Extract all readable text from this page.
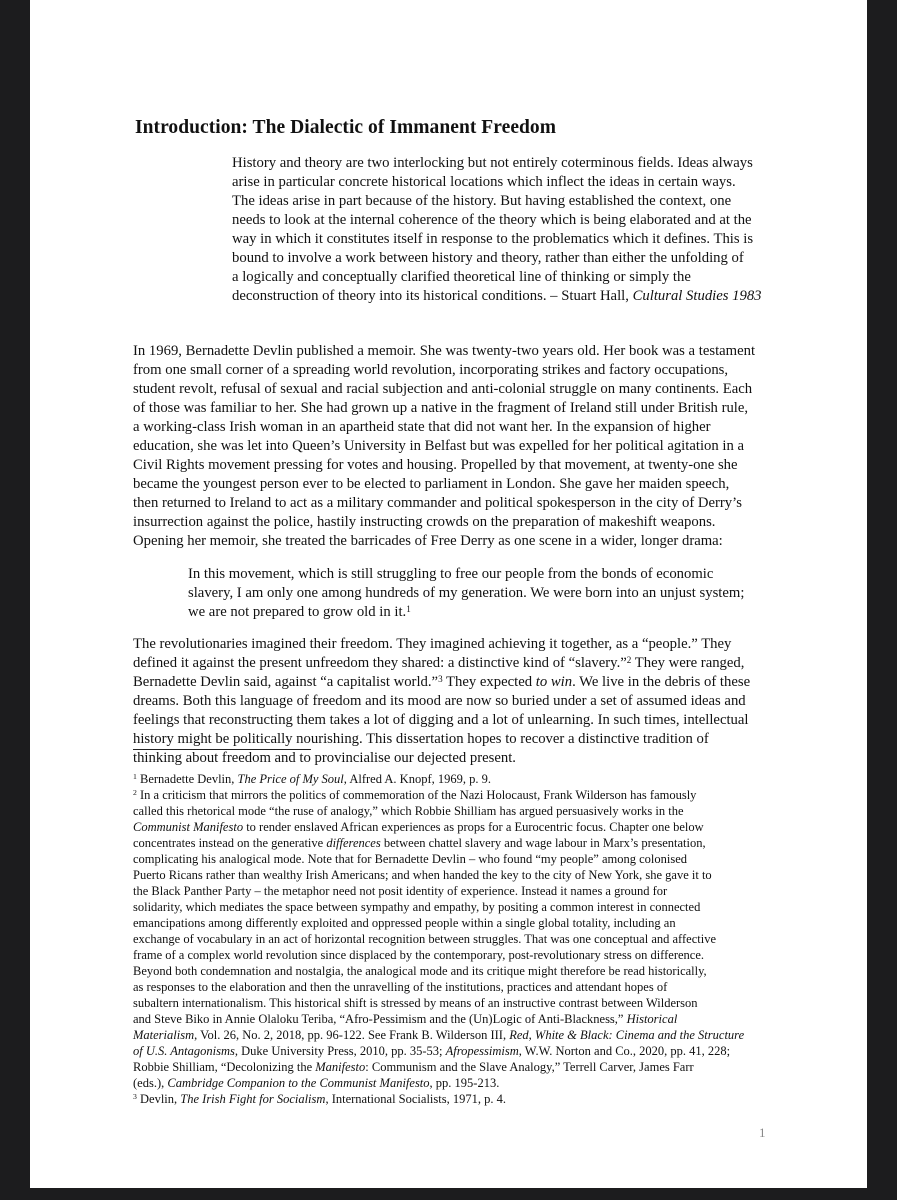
Introduction: The Dialectic of Immanent Freedom

History and theory are two interlocking but not entirely coterminous fields. Ideas always

arise in particular concrete historical locations which inflect the ideas in certain ways.

The ideas arise in part because of the history. But having established the context, one

needs to look at the internal coherence of the theory which is being elaborated and at the

way in which it constitutes itself in response to the problematics which it defines. This is

bound to involve a work between history and theory, rather than either the unfolding of

a logically and conceptually clarified theoretical line of thinking or simply the

deconstruction of theory into its historical conditions. – Stuart Hall, Cultural Studies 1983

In 1969, Bernadette Devlin published a memoir. She was twenty-two years old. Her book was a testament

from one small corner of a spreading world revolution, incorporating strikes and factory occupations,

student revolt, refusal of sexual and racial subjection and anti-colonial struggle on many continents. Each

of those was familiar to her. She had grown up a native in the fragment of Ireland still under British rule,

a working-class Irish woman in an apartheid state that did not want her. In the expansion of higher

education, she was let into Queen’s University in Belfast but was expelled for her political agitation in a

Civil Rights movement pressing for votes and housing. Propelled by that movement, at twenty-one she

became the youngest person ever to be elected to parliament in London. She gave her maiden speech,

then returned to Ireland to act as a military commander and political spokesperson in the city of Derry’s

insurrection against the police, hastily instructing crowds on the preparation of makeshift weapons.

Opening her memoir, she treated the barricades of Free Derry as one scene in a wider, longer drama:

In this movement, which is still struggling to free our people from the bonds of economic

slavery, I am only one among hundreds of my generation. We were born into an unjust system;

we are not prepared to grow old in it.$^1$

The revolutionaries imagined their freedom. They imagined achieving it together, as a “people.” They

defined it against the present unfreedom they shared: a distinctive kind of “slavery.”$^2$ They were ranged,

Bernadette Devlin said, against “a capitalist world.”$^3$ They expected to win. We live in the debris of these

dreams. Both this language of freedom and its mood are now so buried under a set of assumed ideas and

feelings that reconstructing them takes a lot of digging and a lot of unlearning. In such times, intellectual

history might be politically nourishing. This dissertation hopes to recover a distinctive tradition of

thinking about freedom and to provincialise our dejected present.

$^1$ Bernadette Devlin, The Price of My Soul, Alfred A. Knopf, 1969, p. 9.

$^2$ In a criticism that mirrors the politics of commemoration of the Nazi Holocaust, Frank Wilderson has famously

called this rhetorical mode “the ruse of analogy,” which Robbie Shilliam has argued persuasively works in the

Communist Manifesto to render enslaved African experiences as props for a Eurocentric focus. Chapter one below

concentrates instead on the generative differences between chattel slavery and wage labour in Marx’s presentation,

complicating his analogical mode. Note that for Bernadette Devlin – who found “my people” among colonised

Puerto Ricans rather than wealthy Irish Americans; and when handed the key to the city of New York, she gave it to

the Black Panther Party – the metaphor need not posit identity of experience. Instead it names a ground for

solidarity, which mediates the space between sympathy and empathy, by positing a common interest in connected

emancipations among differently exploited and oppressed people within a single global totality, including an

exchange of vocabulary in an act of horizontal recognition between struggles. That was one conceptual and affective

frame of a complex world revolution since displaced by the contemporary, post-revolutionary stress on difference.

Beyond both condemnation and nostalgia, the analogical mode and its critique might therefore be read historically,

as responses to the elaboration and then the unravelling of the institutions, practices and attendant hopes of

subaltern internationalism. This historical shift is stressed by means of an instructive contrast between Wilderson

and Steve Biko in Annie Olaloku Teriba, “Afro-Pessimism and the (Un)Logic of Anti-Blackness,” Historical

Materialism, Vol. 26, No. 2, 2018, pp. 96-122. See Frank B. Wilderson III, Red, White & Black: Cinema and the Structure

of U.S. Antagonisms, Duke University Press, 2010, pp. 35-53; Afropessimism, W.W. Norton and Co., 2020, pp. 41, 228;

Robbie Shilliam, “Decolonizing the Manifesto: Communism and the Slave Analogy,” Terrell Carver, James Farr

(eds.), Cambridge Companion to the Communist Manifesto, pp. 195-213.

$^3$ Devlin, The Irish Fight for Socialism, International Socialists, 1971, p. 4.

1
